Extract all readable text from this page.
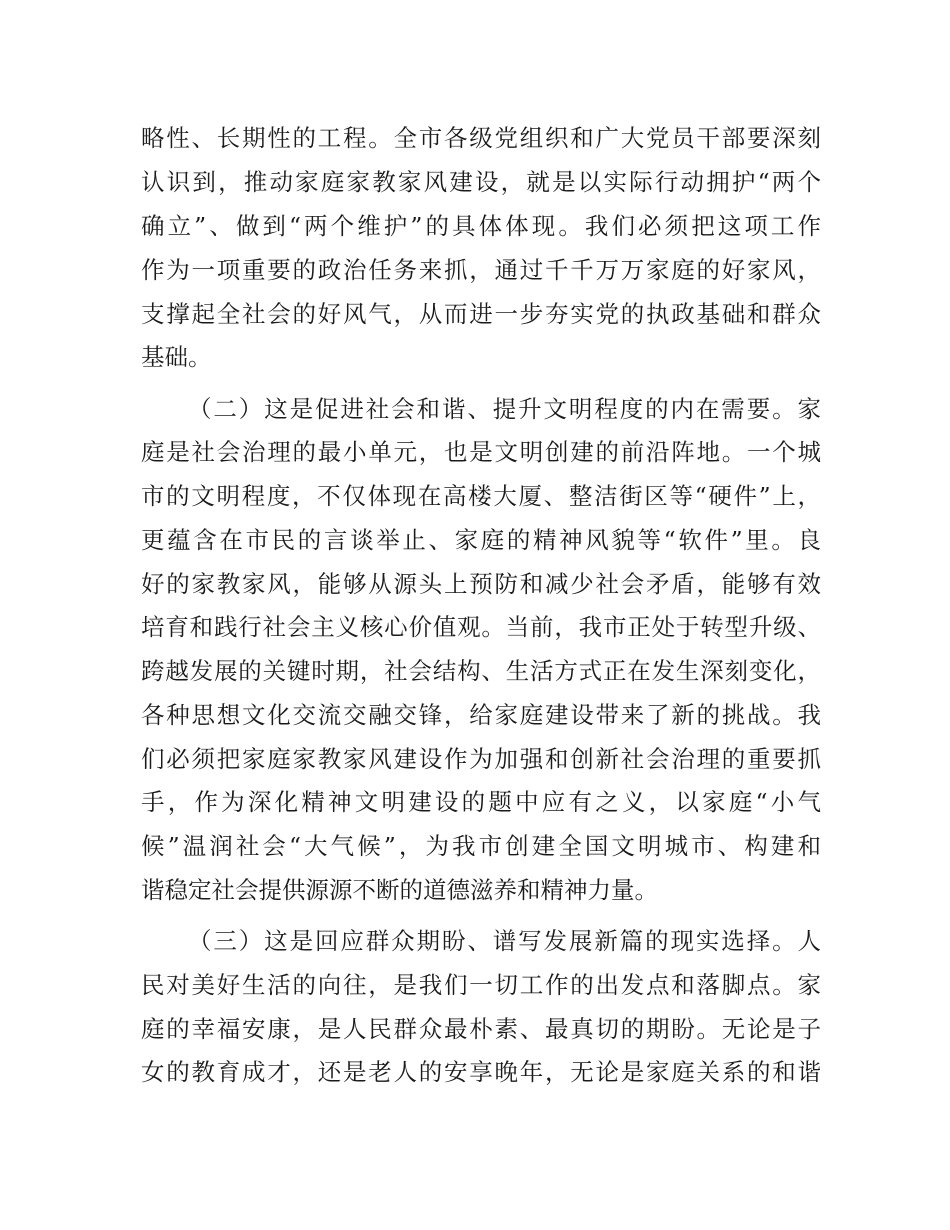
略性、长期性的工程。全市各级党组织和广大党员干部要深刻
认识到，推动家庭家教家风建设，就是以实际行动拥护“两个
确立”、做到“两个维护”的具体体现。我们必须把这项工作
作为一项重要的政治任务来抓，通过千千万万家庭的好家风，
支撑起全社会的好风气，从而进一步夯实党的执政基础和群众
基础。
（二）这是促进社会和谐、提升文明程度的内在需要。家
庭是社会治理的最小单元，也是文明创建的前沿阵地。一个城
市的文明程度，不仅体现在高楼大厦、整洁街区等“硬件”上，
更蕴含在市民的言谈举止、家庭的精神风貌等“软件”里。良
好的家教家风，能够从源头上预防和减少社会矛盾，能够有效
培育和践行社会主义核心价值观。当前，我市正处于转型升级、
跨越发展的关键时期，社会结构、生活方式正在发生深刻变化，
各种思想文化交流交融交锋，给家庭建设带来了新的挑战。我
们必须把家庭家教家风建设作为加强和创新社会治理的重要抓
手，作为深化精神文明建设的题中应有之义，以家庭“小气
候”温润社会“大气候”，为我市创建全国文明城市、构建和
谐稳定社会提供源源不断的道德滋养和精神力量。
（三）这是回应群众期盼、谱写发展新篇的现实选择。人
民对美好生活的向往，是我们一切工作的出发点和落脚点。家
庭的幸福安康，是人民群众最朴素、最真切的期盼。无论是子
女的教育成才，还是老人的安享晚年，无论是家庭关系的和谐
